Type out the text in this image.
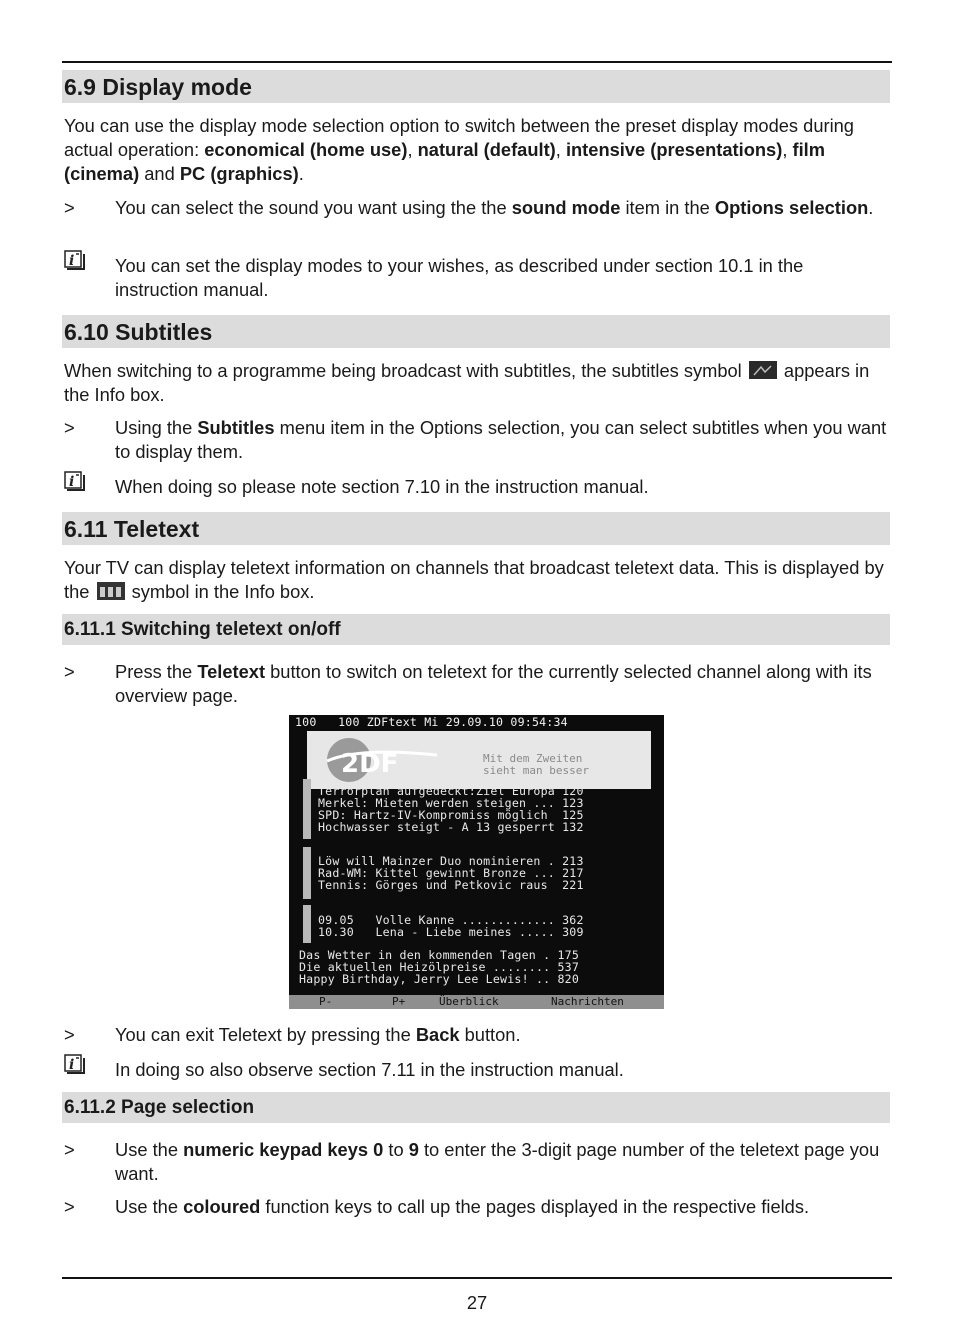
6.9 Display mode

You can use the display mode selection option to switch between the preset display modes during actual operation: economical (home use), natural (default), intensive (presentations), film (cinema) and PC (graphics).

>	You can select the sound you want using the the sound mode item in the Options selection.

i You can set the display modes to your wishes, as described under section 10.1 in the instruction manual.

6.10 Subtitles

When switching to a programme being broadcast with subtitles, the subtitles symbol  appears in the Info box.

>	Using the Subtitles menu item in the Options selection, you can select subtitles when you want to display them.

i When doing so please note section 7.10 in the instruction manual.

6.11 Teletext

Your TV can display teletext information on channels that broadcast teletext data. This is displayed by the  symbol in the Info box.

6.11.1 Switching teletext on/off
>	Press the Teletext button to switch on teletext for the currently selected channel along with its overview page.

100   100 ZDFtext Mi 29.09.10 09:54:34
2DF	Mit dem Zweiten
sieht man besser
Terrorplan aufgedeckt:Ziel Europa 120
Merkel: Mieten werden steigen ... 123
SPD: Hartz-IV-Kompromiss möglich  125
Hochwasser steigt - A 13 gesperrt 132
Löw will Mainzer Duo nominieren . 213
Rad-WM: Kittel gewinnt Bronze ... 217
Tennis: Görges und Petkovic raus  221
09.05   Volle Kanne ............. 362
10.30   Lena - Liebe meines ..... 309
Das Wetter in den kommenden Tagen . 175
Die aktuellen Heizölpreise ........ 537
Happy Birthday, Jerry Lee Lewis! .. 820
P-	P+	Überblick	Nachrichten
>	You can exit Teletext by pressing the Back button.

i In doing so also observe section 7.11 in the instruction manual.

6.11.2 Page selection
>	Use the numeric keypad keys 0 to 9 to enter the 3-digit page number of the teletext page you want.

>	Use the coloured function keys to call up the pages displayed in the respective fields.

27
